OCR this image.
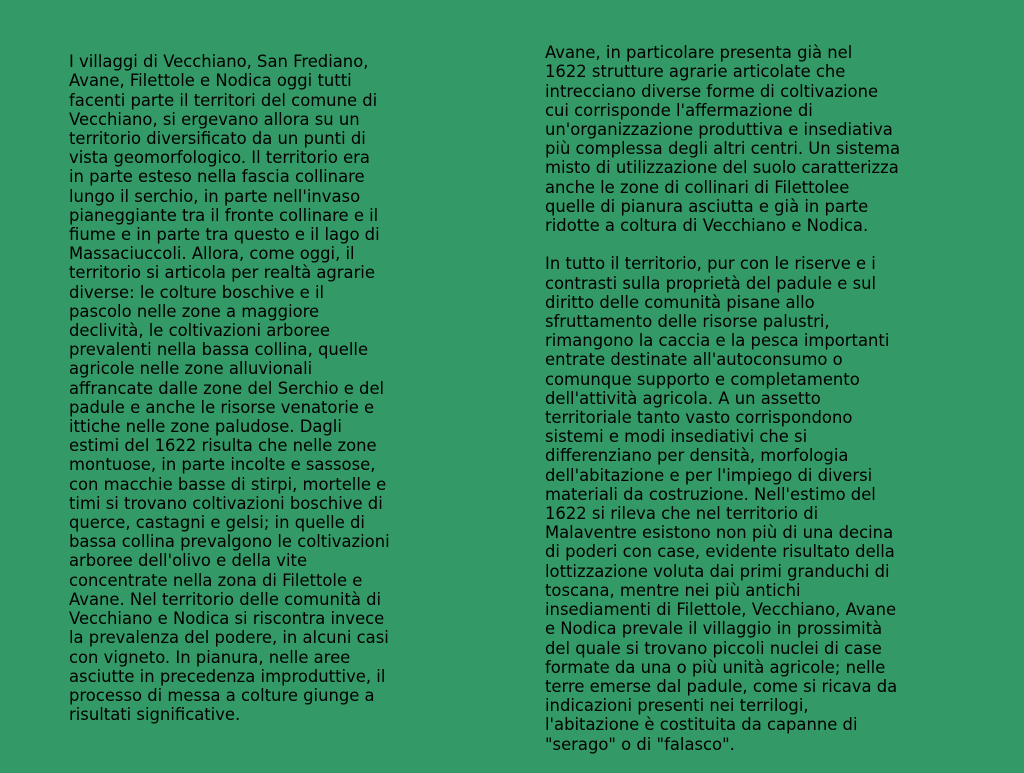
I villaggi di Vecchiano, San Frediano,
Avane, Filettole e Nodica oggi tutti
facenti parte il territori del comune di
Vecchiano, si ergevano allora su un
territorio diversificato da un punti di
vista geomorfologico. Il territorio era
in parte esteso nella fascia collinare
lungo il serchio, in parte nell'invaso
pianeggiante tra il fronte collinare e il
fiume e in parte tra questo e il lago di
Massaciuccoli. Allora, come oggi, il
territorio si articola per realtà agrarie
diverse: le colture boschive e il
pascolo nelle zone a maggiore
declività, le coltivazioni arboree
prevalenti nella bassa collina, quelle
agricole nelle zone alluvionali
affrancate dalle zone del Serchio e del
padule e anche le risorse venatorie e
ittiche nelle zone paludose. Dagli
estimi del 1622 risulta che nelle zone
montuose, in parte incolte e sassose,
con macchie basse di stirpi, mortelle e
timi si trovano coltivazioni boschive di
querce, castagni e gelsi; in quelle di
bassa collina prevalgono le coltivazioni
arboree dell'olivo e della vite
concentrate nella zona di Filettole e
Avane. Nel territorio delle comunità di
Vecchiano e Nodica si riscontra invece
la prevalenza del podere, in alcuni casi
con vigneto. In pianura, nelle aree
asciutte in precedenza improduttive, il
processo di messa a colture giunge a
risultati significative.

Avane, in particolare presenta già nel
1622 strutture agrarie articolate che
intrecciano diverse forme di coltivazione
cui corrisponde l'affermazione di
un'organizzazione produttiva e insediativa
più complessa degli altri centri. Un sistema
misto di utilizzazione del suolo caratterizza
anche le zone di collinari di Filettolee
quelle di pianura asciutta e già in parte
ridotte a coltura di Vecchiano e Nodica.

In tutto il territorio, pur con le riserve e i
contrasti sulla proprietà del padule e sul
diritto delle comunità pisane allo
sfruttamento delle risorse palustri,
rimangono la caccia e la pesca importanti
entrate destinate all'autoconsumo o
comunque supporto e completamento
dell'attività agricola. A un assetto
territoriale tanto vasto corrispondono
sistemi e modi insediativi che si
differenziano per densità, morfologia
dell'abitazione e per l'impiego di diversi
materiali da costruzione. Nell'estimo del
1622 si rileva che nel territorio di
Malaventre esistono non più di una decina
di poderi con case, evidente risultato della
lottizzazione voluta dai primi granduchi di
toscana, mentre nei più antichi
insediamenti di Filettole, Vecchiano, Avane
e Nodica prevale il villaggio in prossimità
del quale si trovano piccoli nuclei di case
formate da una o più unità agricole; nelle
terre emerse dal padule, come si ricava da
indicazioni presenti nei terrilogi,
l'abitazione è costituita da capanne di
"serago" o di "falasco".
